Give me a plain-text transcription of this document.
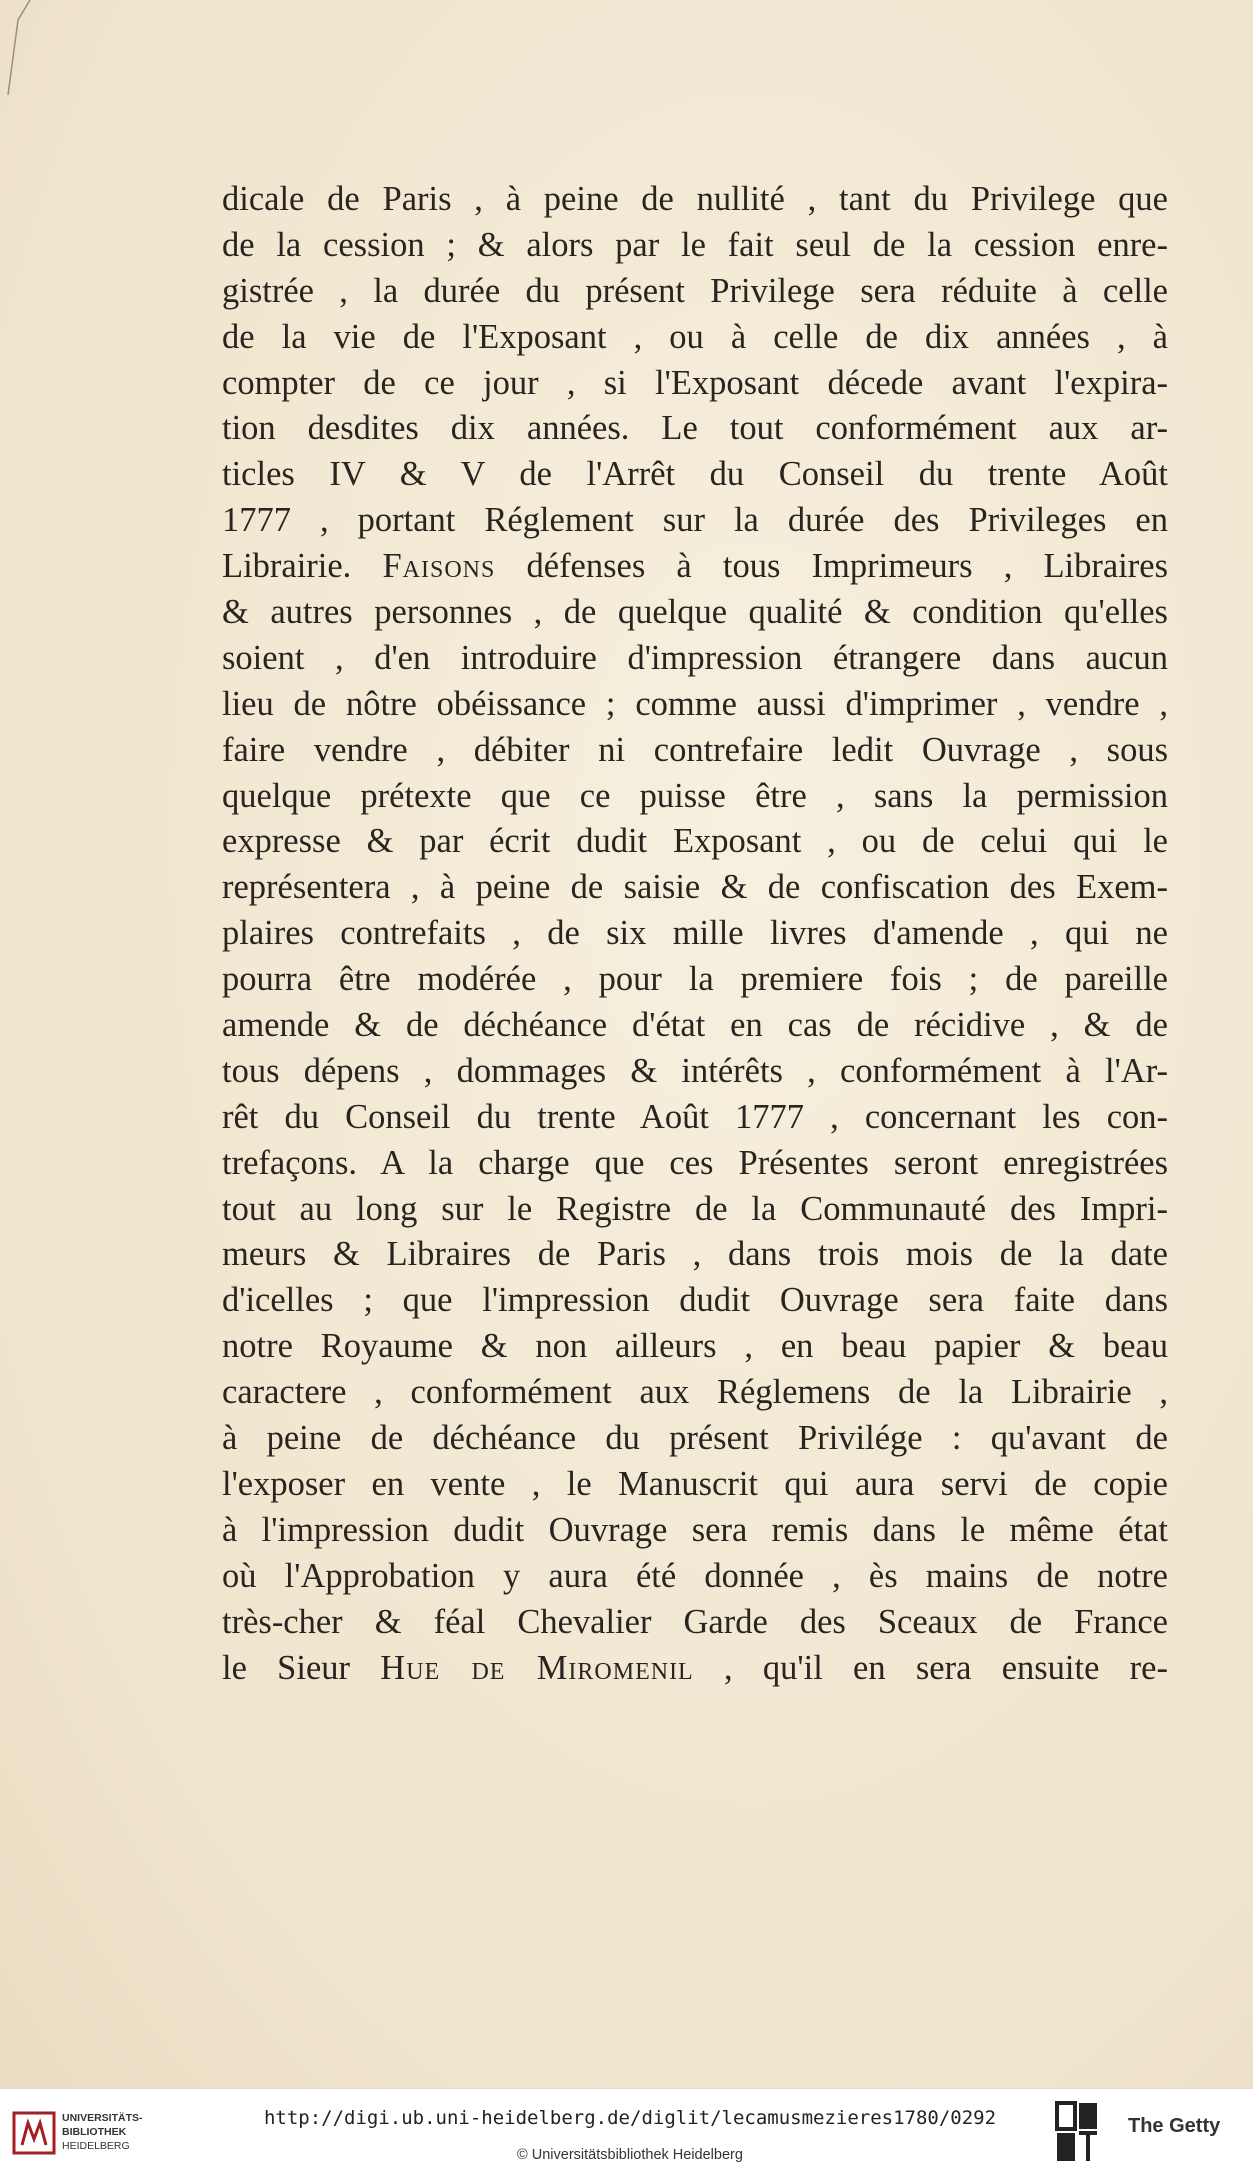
dicale de Paris , à peine de nullité , tant du Privilege que
de la cession ; & alors par le fait seul de la cession enre-
gistrée , la durée du présent Privilege sera réduite à celle
de la vie de l'Exposant , ou à celle de dix années , à
compter de ce jour , si l'Exposant décede avant l'expira-
tion desdites dix années. Le tout conformément aux ar-
ticles IV & V de l'Arrêt du Conseil du trente Août
1777 , portant Réglement sur la durée des Privileges en
Librairie. Faisons défenses à tous Imprimeurs , Libraires
& autres personnes , de quelque qualité & condition qu'elles
soient , d'en introduire d'impression étrangere dans aucun
lieu de nôtre obéissance ; comme aussi d'imprimer , vendre ,
faire vendre , débiter ni contrefaire ledit Ouvrage , sous
quelque prétexte que ce puisse être , sans la permission
expresse & par écrit dudit Exposant , ou de celui qui le
représentera , à peine de saisie & de confiscation des Exem-
plaires contrefaits , de six mille livres d'amende , qui ne
pourra être modérée , pour la premiere fois ; de pareille
amende & de déchéance d'état en cas de récidive , & de
tous dépens , dommages & intérêts , conformément à l'Ar-
rêt du Conseil du trente Août 1777 , concernant les con-
trefaçons. A la charge que ces Présentes seront enregistrées
tout au long sur le Registre de la Communauté des Impri-
meurs & Libraires de Paris , dans trois mois de la date
d'icelles ; que l'impression dudit Ouvrage sera faite dans
notre Royaume & non ailleurs , en beau papier & beau
caractere , conformément aux Réglemens de la Librairie ,
à peine de déchéance du présent Privilége : qu'avant de
l'exposer en vente , le Manuscrit qui aura servi de copie
à l'impression dudit Ouvrage sera remis dans le même état
où l'Approbation y aura été donnée , ès mains de notre
très-cher & féal Chevalier Garde des Sceaux de France
le Sieur Hue de Miromenil , qu'il en sera ensuite re-
UNIVERSITÄTS-
BIBLIOTHEK
HEIDELBERG
http://digi.ub.uni-heidelberg.de/diglit/lecamusmezieres1780/0292
© Universitätsbibliothek Heidelberg
The Getty
